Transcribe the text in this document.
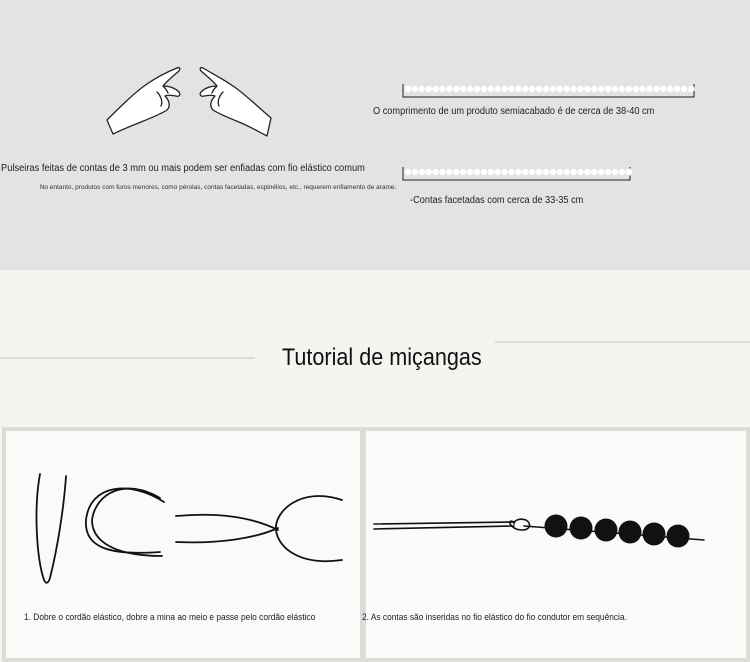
Pulseiras feitas de contas de 3 mm ou mais podem ser enfiadas com fio elástico comum
No entanto, produtos com furos menores, como pérolas, contas facetadas, espinélios, etc., requerem enfiamento de arame.
O comprimento de um produto semiacabado é de cerca de 38-40 cm
-Contas facetadas com cerca de 33-35 cm
Tutorial de miçangas
1. Dobre o cordão elástico, dobre a mina ao meio e passe pelo cordão elástico	2. As contas são inseridas no fio elástico do fio condutor em sequência.
